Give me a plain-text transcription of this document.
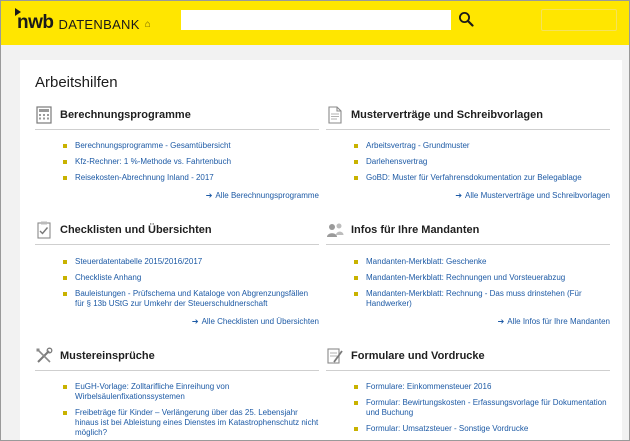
nwb DATENBANK ⌂
Arbeitshilfen
Berechnungsprogramme
Berechnungsprogramme - Gesamtübersicht
Kfz-Rechner: 1 %-Methode vs. Fahrtenbuch
Reisekosten-Abrechnung Inland - 2017
➔ Alle Berechnungsprogramme
Musterverträge und Schreibvorlagen
Arbeitsvertrag - Grundmuster
Darlehensvertrag
GoBD: Muster für Verfahrensdokumentation zur Belegablage
➔ Alle Musterverträge und Schreibvorlagen
Checklisten und Übersichten
Steuerdatentabelle 2015/2016/2017
Checkliste Anhang
Bauleistungen - Prüfschema und Kataloge von Abgrenzungsfällen für § 13b UStG zur Umkehr der Steuerschuldnerschaft
➔ Alle Checklisten und Übersichten
Infos für Ihre Mandanten
Mandanten-Merkblatt: Geschenke
Mandanten-Merkblatt: Rechnungen und Vorsteuerabzug
Mandanten-Merkblatt: Rechnung - Das muss drinstehen (Für Handwerker)
➔ Alle Infos für Ihre Mandanten
Mustereinsprüche
EuGH-Vorlage: Zolltarifliche Einreihung von Wirbelsäulenfixationssystemen
Freibeträge für Kinder – Verlängerung über das 25. Lebensjahr hinaus ist bei Ableistung eines Dienstes im Katastrophenschutz nicht möglich?
Formulare und Vordrucke
Formulare: Einkommensteuer 2016
Formular: Bewirtungskosten - Erfassungsvorlage für Dokumentation und Buchung
Formular: Umsatzsteuer - Sonstige Vordrucke
